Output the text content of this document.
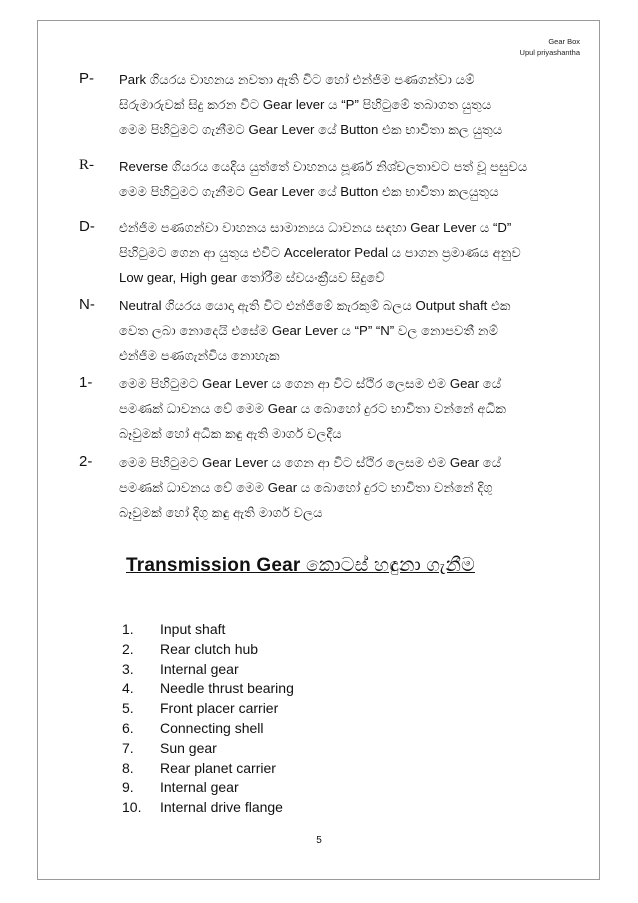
Gear Box
Upul priyashantha
P- Park ගියරය වාහනය නවතා ඇති විට හෝ එන්ජිම පණගන්වා යම්
සිරුමාරුවක් සිදු කරන විට Gear lever ය “P” පිහිටුමේ තබාගත යුතුය
මෙම පිහිටුමට ගැනීමට Gear Lever යේ Button එක භාවිතා කල යුතුය
R- Reverse ගියරය යෙදිය යුත්තේ වාහනය පූර්ණ නිශ්චලතාවට පත් වූ පසුවය
මෙම පිහිටුමට ගැනීමට Gear Lever යේ Button එක භාවිතා කලයුතුය
D- එන්ජිම පණගන්වා වාහනය සාමාන්‍යය ධාවනය සඳහා Gear Lever ය “D”
පිහිටුමට ගෙන ආ යුතුය එවිට Accelerator Pedal ය පාගන ප්‍රමාණය අනුව
Low gear, High gear තෝරීම ස්වයංක්‍රීයව සිදුවේ
N- Neutral ගියරය යොදා ඇති විට එන්ජිමේ කැරකුම් බලය Output shaft එක
වෙත ලබා නොදෙයි එසේම Gear Lever ය “P” “N” වල නොපවතී නම්
එන්ජිම පණගැන්විය නොහැක
1- මෙම පිහිටුමට Gear Lever ය ගෙන ආ විට ස්ථිර ලෙසම එම Gear යේ
පමණක් ධාවනය වේ මෙම Gear ය බොහෝ දුරට භාවිතා වන්නේ අධික
බෑවුමක් හෝ අධික කඳු ඇති මාර්ග වලදීය
2- මෙම පිහිටුමට Gear Lever ය ගෙන ආ විට ස්ථිර ලෙසම එම Gear යේ
පමණක් ධාවනය වේ මෙම Gear ය බොහෝ දුරට භාවිතා වන්නේ දිගු
බෑවුමක් හෝ දිගු කඳු ඇති මාර්ග වලය
Transmission Gear කොටස් හඳුනා ගැනීම
1.	Input shaft
2.	Rear clutch hub
3.	Internal gear
4.	Needle thrust bearing
5.	Front placer carrier
6.	Connecting shell
7.	Sun gear
8.	Rear planet carrier
9.	Internal gear
10.	Internal drive flange
5
